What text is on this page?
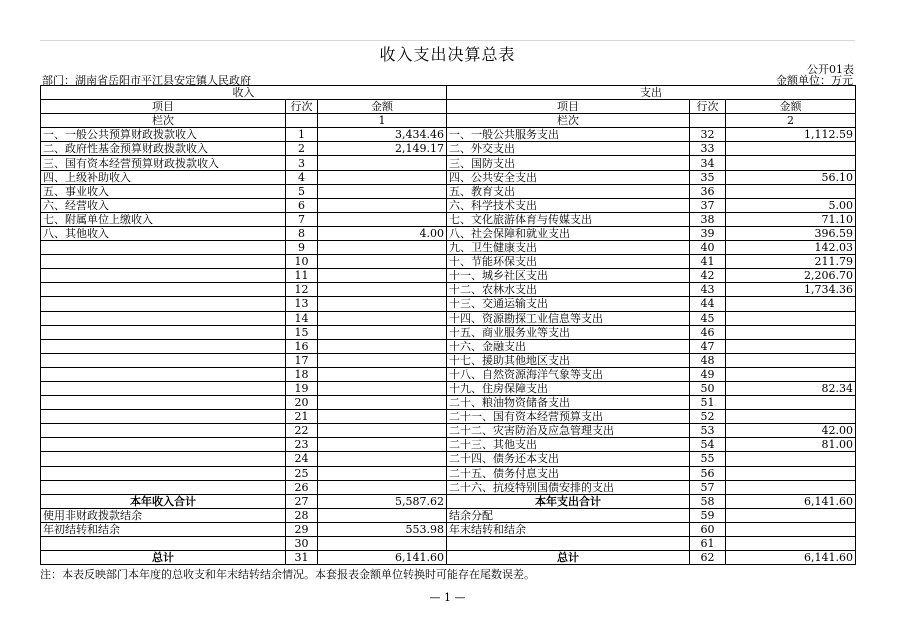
收入支出决算总表
公开01表
部门：湖南省岳阳市平江县安定镇人民政府	金额单位：万元
收入			支出		
项目	行次	金额	项目	行次	金额
栏次		1	栏次		2
一、一般公共预算财政拨款收入	1	3,434.46	一、一般公共服务支出	32	1,112.59
二、政府性基金预算财政拨款收入	2	2,149.17	二、外交支出	33	
三、国有资本经营预算财政拨款收入	3		三、国防支出	34	
四、上级补助收入	4		四、公共安全支出	35	56.10
五、事业收入	5		五、教育支出	36	
六、经营收入	6		六、科学技术支出	37	5.00
七、附属单位上缴收入	7		七、文化旅游体育与传媒支出	38	71.10
八、其他收入	8	4.00	八、社会保障和就业支出	39	396.59
	9		九、卫生健康支出	40	142.03
	10		十、节能环保支出	41	211.79
	11		十一、城乡社区支出	42	2,206.70
	12		十二、农林水支出	43	1,734.36
	13		十三、交通运输支出	44	
	14		十四、资源勘探工业信息等支出	45	
	15		十五、商业服务业等支出	46	
	16		十六、金融支出	47	
	17		十七、援助其他地区支出	48	
	18		十八、自然资源海洋气象等支出	49	
	19		十九、住房保障支出	50	82.34
	20		二十、粮油物资储备支出	51	
	21		二十一、国有资本经营预算支出	52	
	22		二十二、灾害防治及应急管理支出	53	42.00
	23		二十三、其他支出	54	81.00
	24		二十四、债务还本支出	55	
	25		二十五、债务付息支出	56	
	26		二十六、抗疫特别国债安排的支出	57	
本年收入合计	27	5,587.62	本年支出合计	58	6,141.60
使用非财政拨款结余	28		结余分配	59	
年初结转和结余	29	553.98	年末结转和结余	60	
	30			61	
总计	31	6,141.60	总计	62	6,141.60
注：本表反映部门本年度的总收支和年末结转结余情况。本套报表金额单位转换时可能存在尾数误差。
— 1 —
